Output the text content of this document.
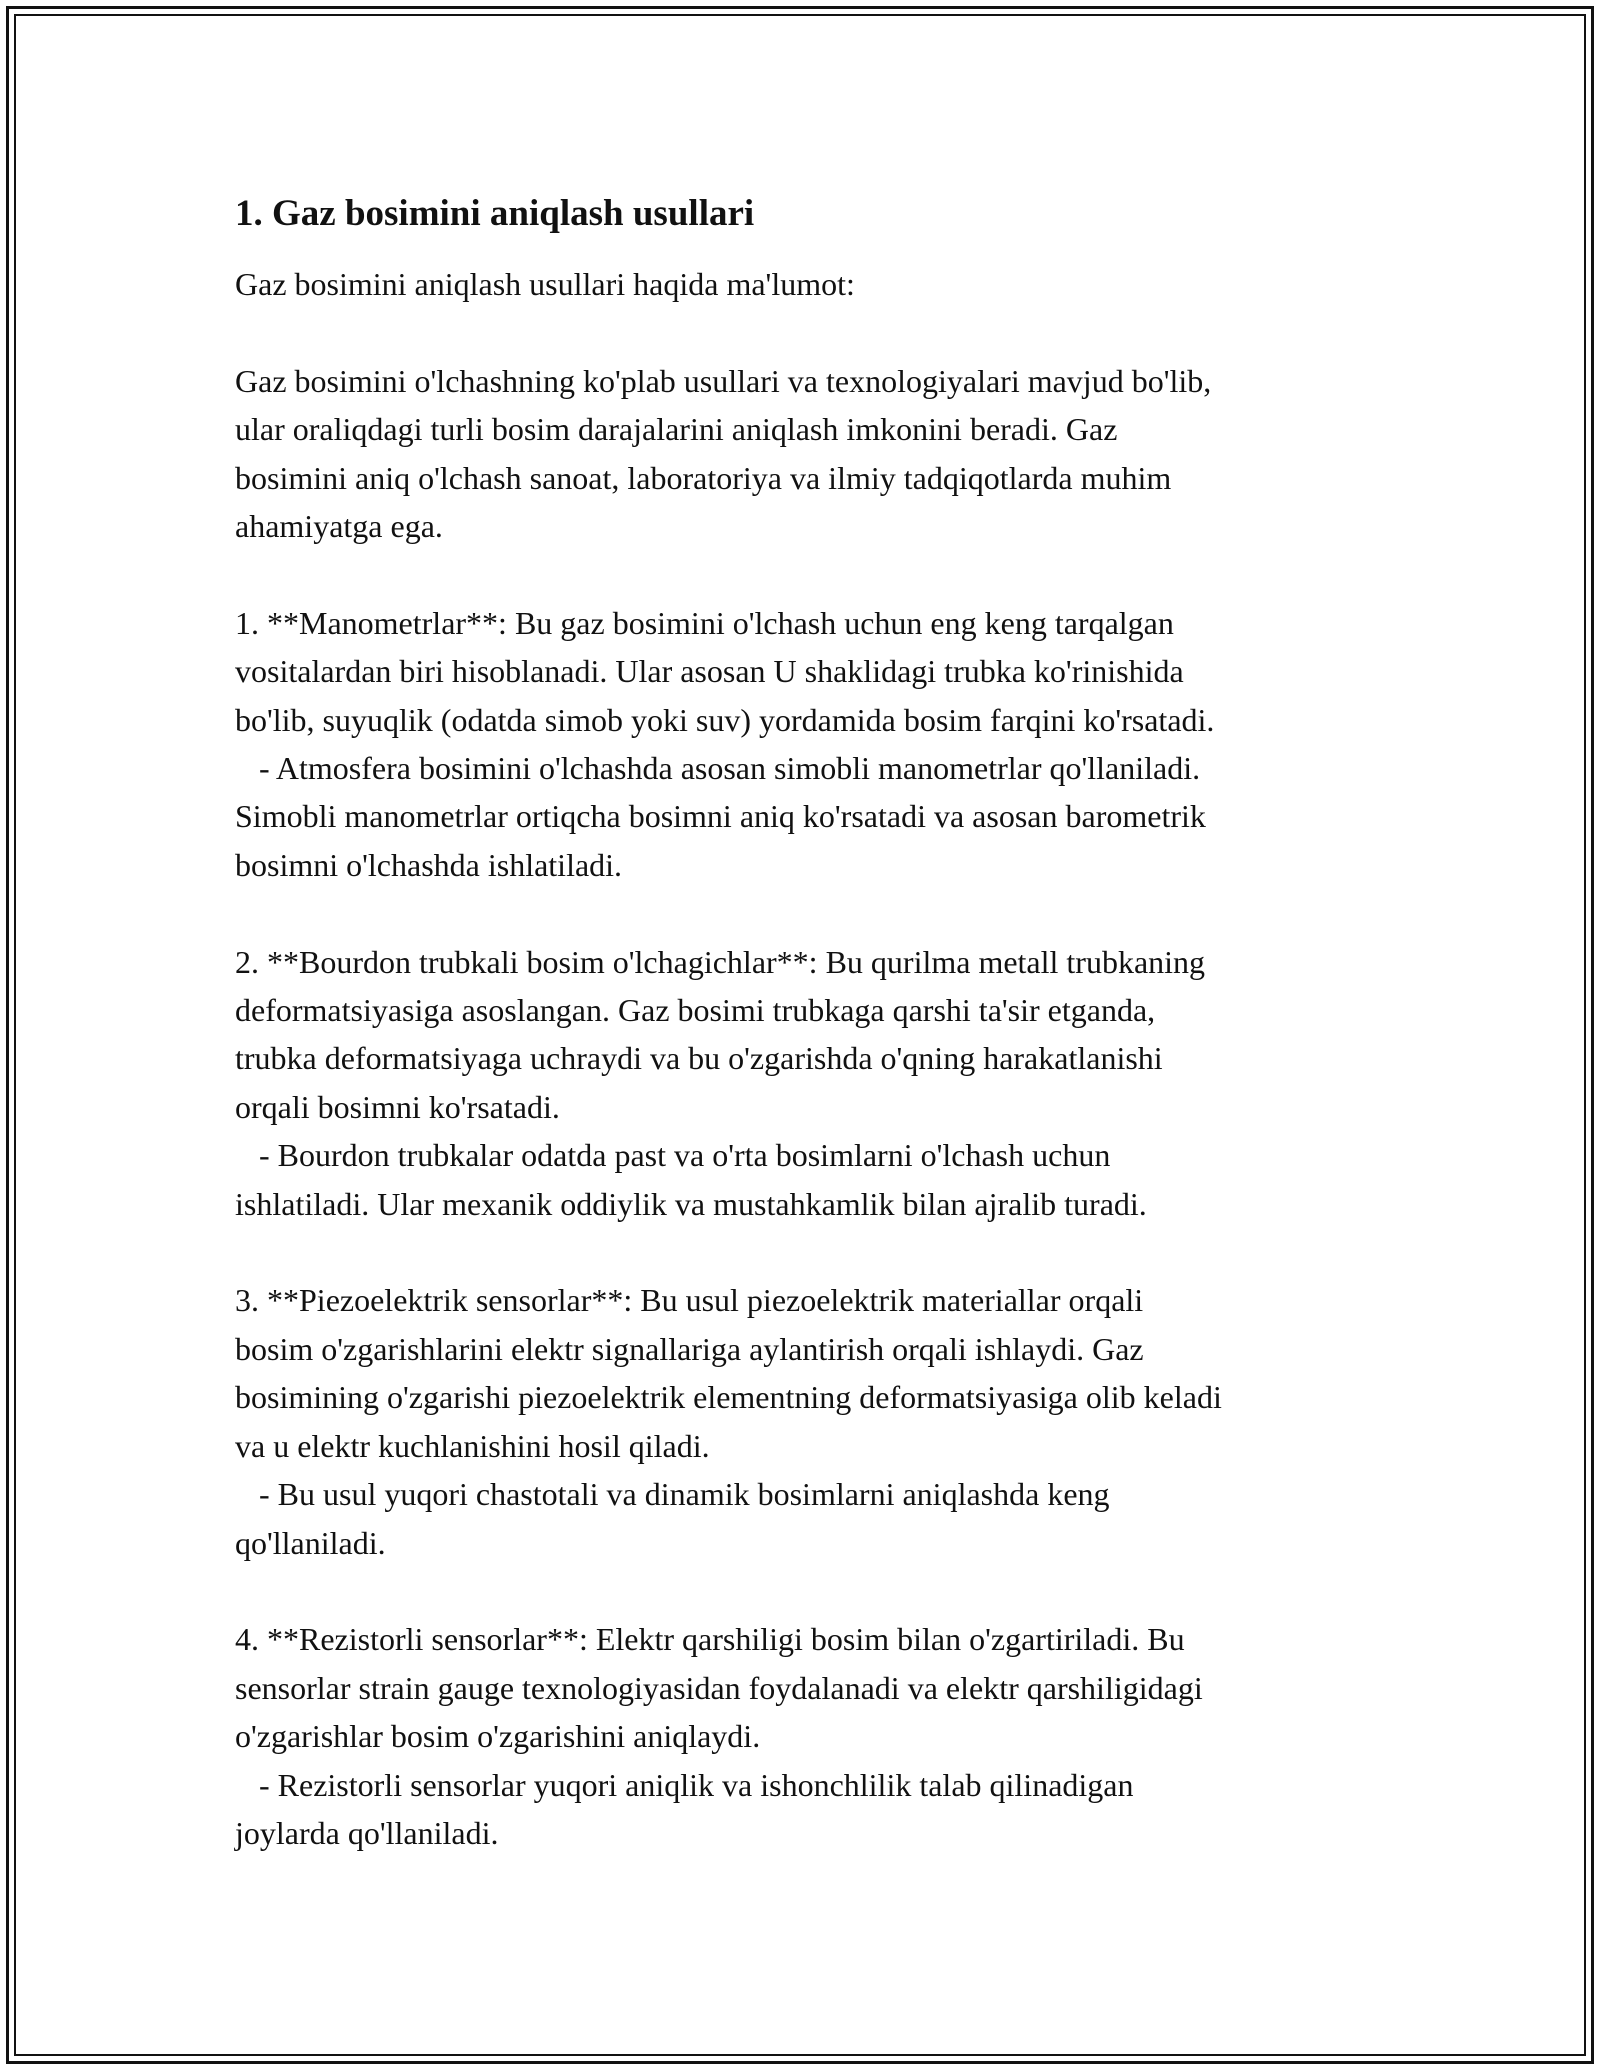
1. Gaz bosimini aniqlash usullari

Gaz bosimini aniqlash usullari haqida ma'lumot:

Gaz bosimini o'lchashning ko'plab usullari va texnologiyalari mavjud bo'lib,
ular oraliqdagi turli bosim darajalarini aniqlash imkonini beradi. Gaz
bosimini aniq o'lchash sanoat, laboratoriya va ilmiy tadqiqotlarda muhim
ahamiyatga ega.

1. **Manometrlar**: Bu gaz bosimini o'lchash uchun eng keng tarqalgan
vositalardan biri hisoblanadi. Ular asosan U shaklidagi trubka ko'rinishida
bo'lib, suyuqlik (odatda simob yoki suv) yordamida bosim farqini ko'rsatadi.

- Atmosfera bosimini o'lchashda asosan simobli manometrlar qo'llaniladi.
Simobli manometrlar ortiqcha bosimni aniq ko'rsatadi va asosan barometrik
bosimni o'lchashda ishlatiladi.

2. **Bourdon trubkali bosim o'lchagichlar**: Bu qurilma metall trubkaning
deformatsiyasiga asoslangan. Gaz bosimi trubkaga qarshi ta'sir etganda,
trubka deformatsiyaga uchraydi va bu o'zgarishda o'qning harakatlanishi
orqali bosimni ko'rsatadi.

- Bourdon trubkalar odatda past va o'rta bosimlarni o'lchash uchun
ishlatiladi. Ular mexanik oddiylik va mustahkamlik bilan ajralib turadi.

3. **Piezoelektrik sensorlar**: Bu usul piezoelektrik materiallar orqali
bosim o'zgarishlarini elektr signallariga aylantirish orqali ishlaydi. Gaz
bosimining o'zgarishi piezoelektrik elementning deformatsiyasiga olib keladi
va u elektr kuchlanishini hosil qiladi.

- Bu usul yuqori chastotali va dinamik bosimlarni aniqlashda keng
qo'llaniladi.

4. **Rezistorli sensorlar**: Elektr qarshiligi bosim bilan o'zgartiriladi. Bu
sensorlar strain gauge texnologiyasidan foydalanadi va elektr qarshiligidagi
o'zgarishlar bosim o'zgarishini aniqlaydi.

- Rezistorli sensorlar yuqori aniqlik va ishonchlilik talab qilinadigan
joylarda qo'llaniladi.
